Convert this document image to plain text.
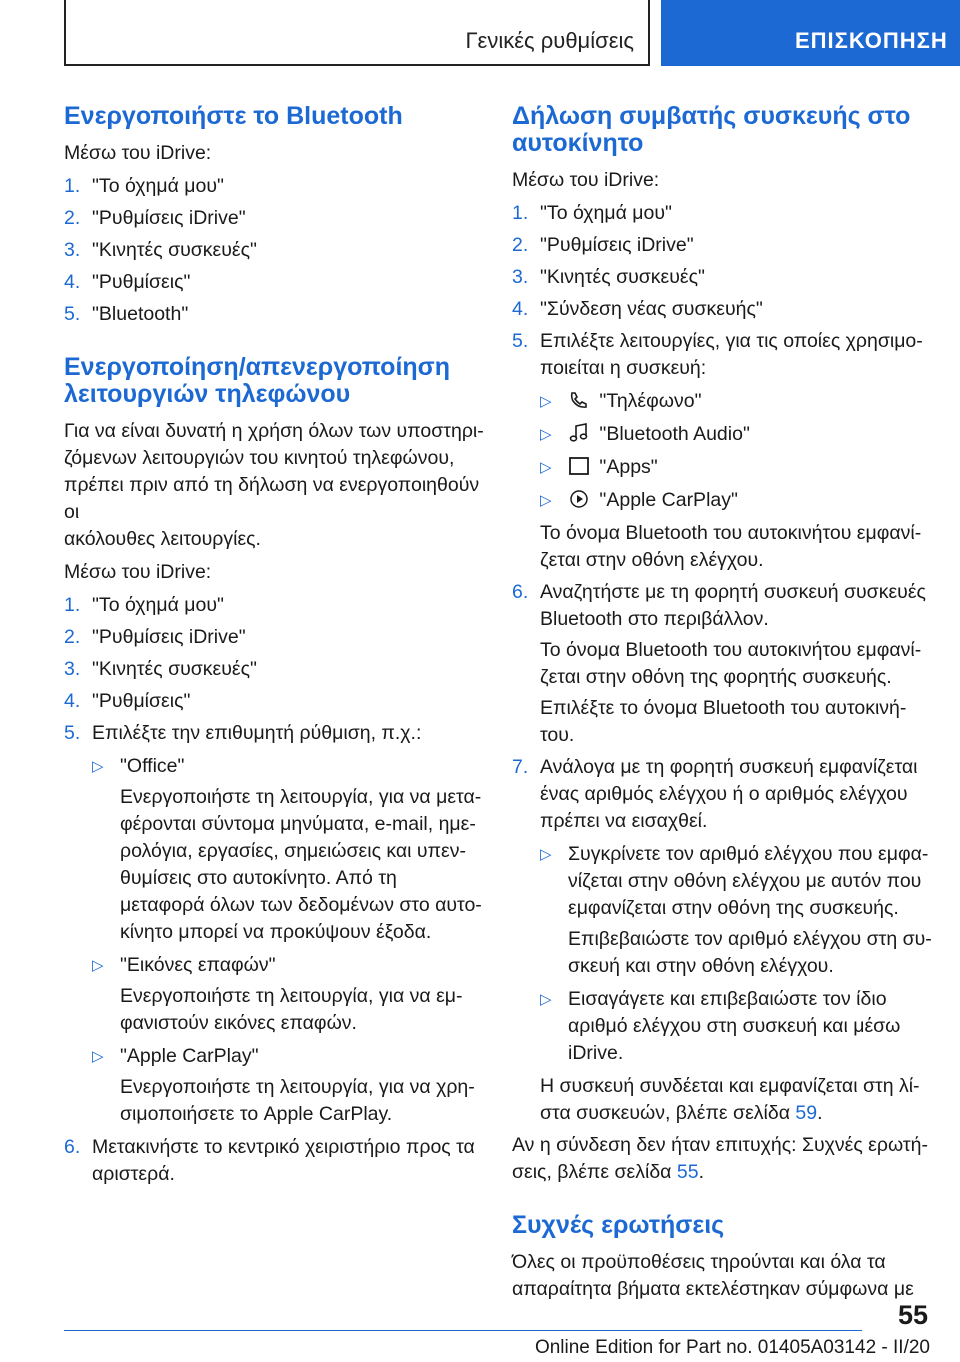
Γενικές ρυθμίσεις	ΕΠΙΣΚΟΠΗΣΗ
Ενεργοποιήστε το Bluetooth

Μέσω του iDrive:

1. "Το όχημά μου"
2. "Ρυθμίσεις iDrive"
3. "Κινητές συσκευές"
4. "Ρυθμίσεις"
5. "Bluetooth"
Ενεργοποίηση/απενεργοποίηση
λειτουργιών τηλεφώνου

Για να είναι δυνατή η χρήση όλων των υποστηρι-
ζόμενων λειτουργιών του κινητού τηλεφώνου,
πρέπει πριν από τη δήλωση να ενεργοποιηθούν οι
ακόλουθες λειτουργίες.

Μέσω του iDrive:

1. "Το όχημά μου"
2. "Ρυθμίσεις iDrive"
3. "Κινητές συσκευές"
4. "Ρυθμίσεις"
5. Επιλέξτε την επιθυμητή ρύθμιση, π.χ.:
▷ "Office"
Ενεργοποιήστε τη λειτουργία, για να μετα-
φέρονται σύντομα μηνύματα, e-mail, ημε-
ρολόγια, εργασίες, σημειώσεις και υπεν-
θυμίσεις στο αυτοκίνητο. Από τη
μεταφορά όλων των δεδομένων στο αυτο-
κίνητο μπορεί να προκύψουν έξοδα.
▷ "Εικόνες επαφών"
Ενεργοποιήστε τη λειτουργία, για να εμ-
φανιστούν εικόνες επαφών.
▷ "Apple CarPlay"
Ενεργοποιήστε τη λειτουργία, για να χρη-
σιμοποιήσετε το Apple CarPlay.
6. Μετακινήστε το κεντρικό χειριστήριο προς τα
αριστερά.
Δήλωση συμβατής συσκευής στο
αυτοκίνητο

Μέσω του iDrive:

1. "Το όχημά μου"
2. "Ρυθμίσεις iDrive"
3. "Κινητές συσκευές"
4. "Σύνδεση νέας συσκευής"
5. Επιλέξτε λειτουργίες, για τις οποίες χρησιμο-
ποιείται η συσκευή:
▷ "Τηλέφωνο"
▷ "Bluetooth Audio"
▷ "Apps"
▷ "Apple CarPlay"
Το όνομα Bluetooth του αυτοκινήτου εμφανί-
ζεται στην οθόνη ελέγχου.
6. Αναζητήστε με τη φορητή συσκευή συσκευές
Bluetooth στο περιβάλλον.
Το όνομα Bluetooth του αυτοκινήτου εμφανί-
ζεται στην οθόνη της φορητής συσκευής.
Επιλέξτε το όνομα Bluetooth του αυτοκινή-
του.
7. Ανάλογα με τη φορητή συσκευή εμφανίζεται
ένας αριθμός ελέγχου ή ο αριθμός ελέγχου
πρέπει να εισαχθεί.
▷ Συγκρίνετε τον αριθμό ελέγχου που εμφα-
νίζεται στην οθόνη ελέγχου με αυτόν που
εμφανίζεται στην οθόνη της συσκευής.
Επιβεβαιώστε τον αριθμό ελέγχου στη συ-
σκευή και στην οθόνη ελέγχου.
▷ Εισαγάγετε και επιβεβαιώστε τον ίδιο
αριθμό ελέγχου στη συσκευή και μέσω
iDrive.
Η συσκευή συνδέεται και εμφανίζεται στη λί-
στα συσκευών, βλέπε σελίδα 59.

Αν η σύνδεση δεν ήταν επιτυχής: Συχνές ερωτή-
σεις, βλέπε σελίδα 55.

Συχνές ερωτήσεις

Όλες οι προϋποθέσεις τηρούνται και όλα τα
απαραίτητα βήματα εκτελέστηκαν σύμφωνα με

55
Online Edition for Part no. 01405A03142 - II/20
